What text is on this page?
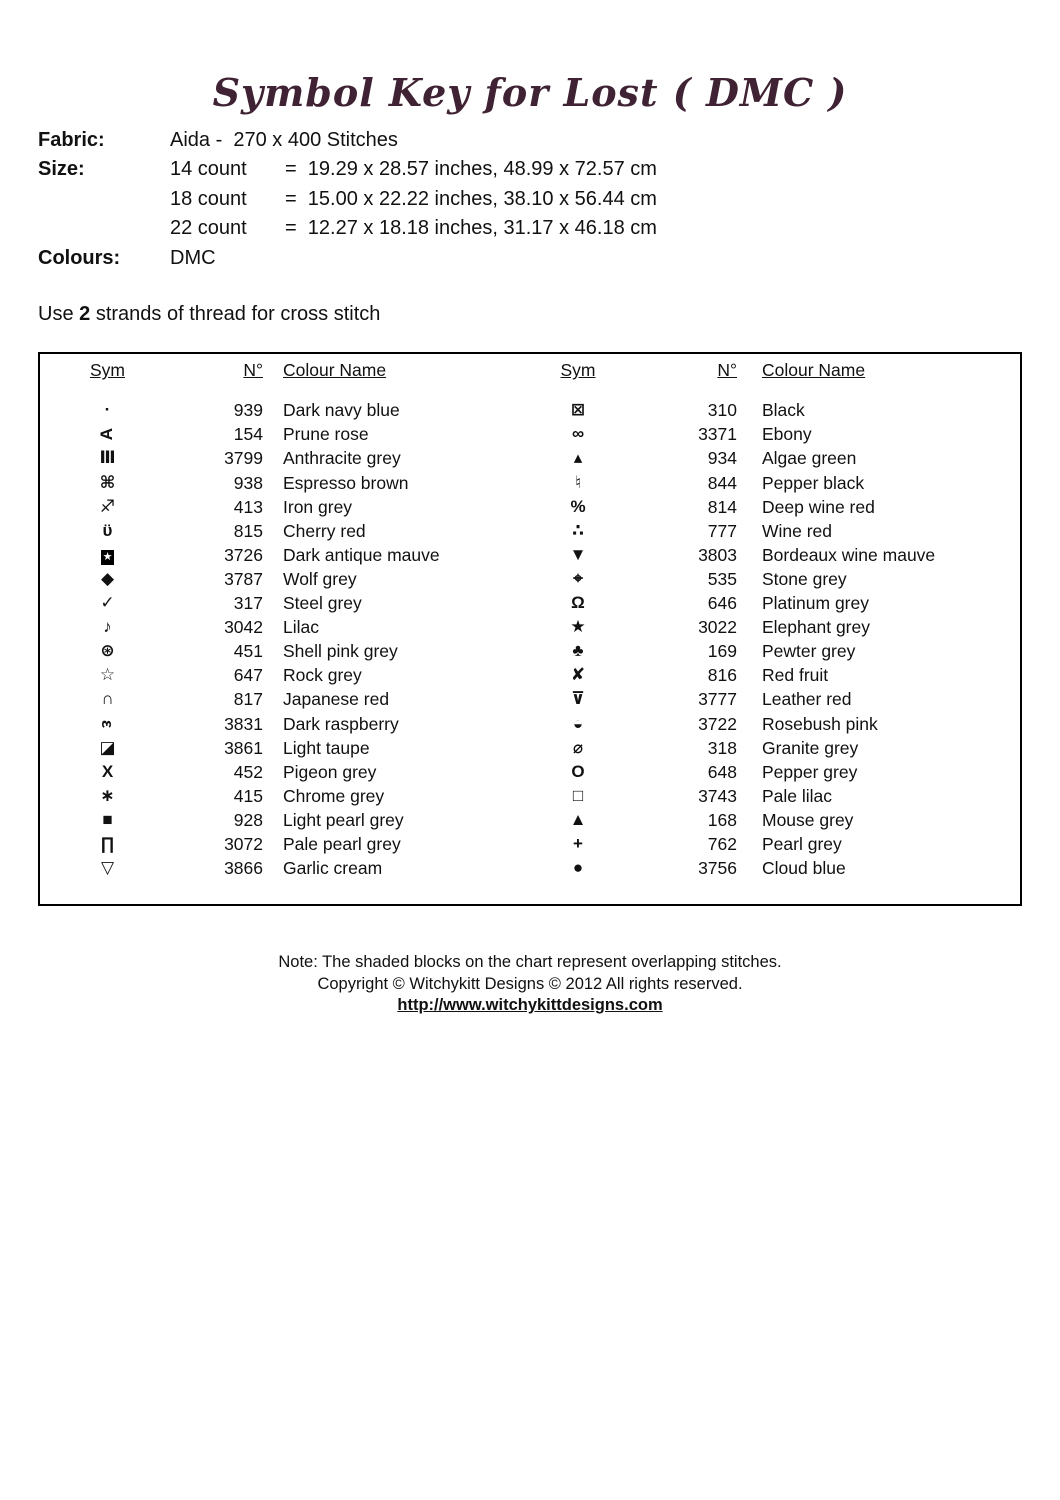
Symbol Key for Lost ( DMC )
Fabric:	Aida -  270 x 400 Stitches
Size:	14 count =  19.29 x 28.57 inches, 48.99 x 72.57 cm
18 count =  15.00 x 22.22 inches, 38.10 x 56.44 cm
22 count =  12.27 x 18.18 inches, 31.17 x 46.18 cm
Colours:	DMC
Use 2 strands of thread for cross stitch
Sym	N°	Colour Name	Sym	N°	Colour Name
·	939	Dark navy blue	⊠	310	Black
A	154	Prune rose	∞	3371	Ebony
Ⅲ	3799	Anthracite grey	▴	934	Algae green
⌘	938	Espresso brown	♮	844	Pepper black
♐	413	Iron grey	%	814	Deep wine red
ϋ	815	Cherry red	∴	777	Wine red
★	3726	Dark antique mauve	▼	3803	Bordeaux wine mauve
◆	3787	Wolf grey	⌖	535	Stone grey
✓	317	Steel grey	Ω	646	Platinum grey
♪	3042	Lilac	★	3022	Elephant grey
⊛	451	Shell pink grey	♣	169	Pewter grey
☆	647	Rock grey	✘	816	Red fruit
∩	817	Japanese red	⊽	3777	Leather red
ε	3831	Dark raspberry	◒	3722	Rosebush pink
◪	3861	Light taupe	⌀	318	Granite grey
X	452	Pigeon grey	O	648	Pepper grey
∗	415	Chrome grey	□	3743	Pale lilac
■	928	Light pearl grey	▲	168	Mouse grey
∏	3072	Pale pearl grey	+	762	Pearl grey
▽	3866	Garlic cream	●	3756	Cloud blue
Note: The shaded blocks on the chart represent overlapping stitches.
Copyright © Witchykitt Designs © 2012 All rights reserved.
http://www.witchykittdesigns.com
